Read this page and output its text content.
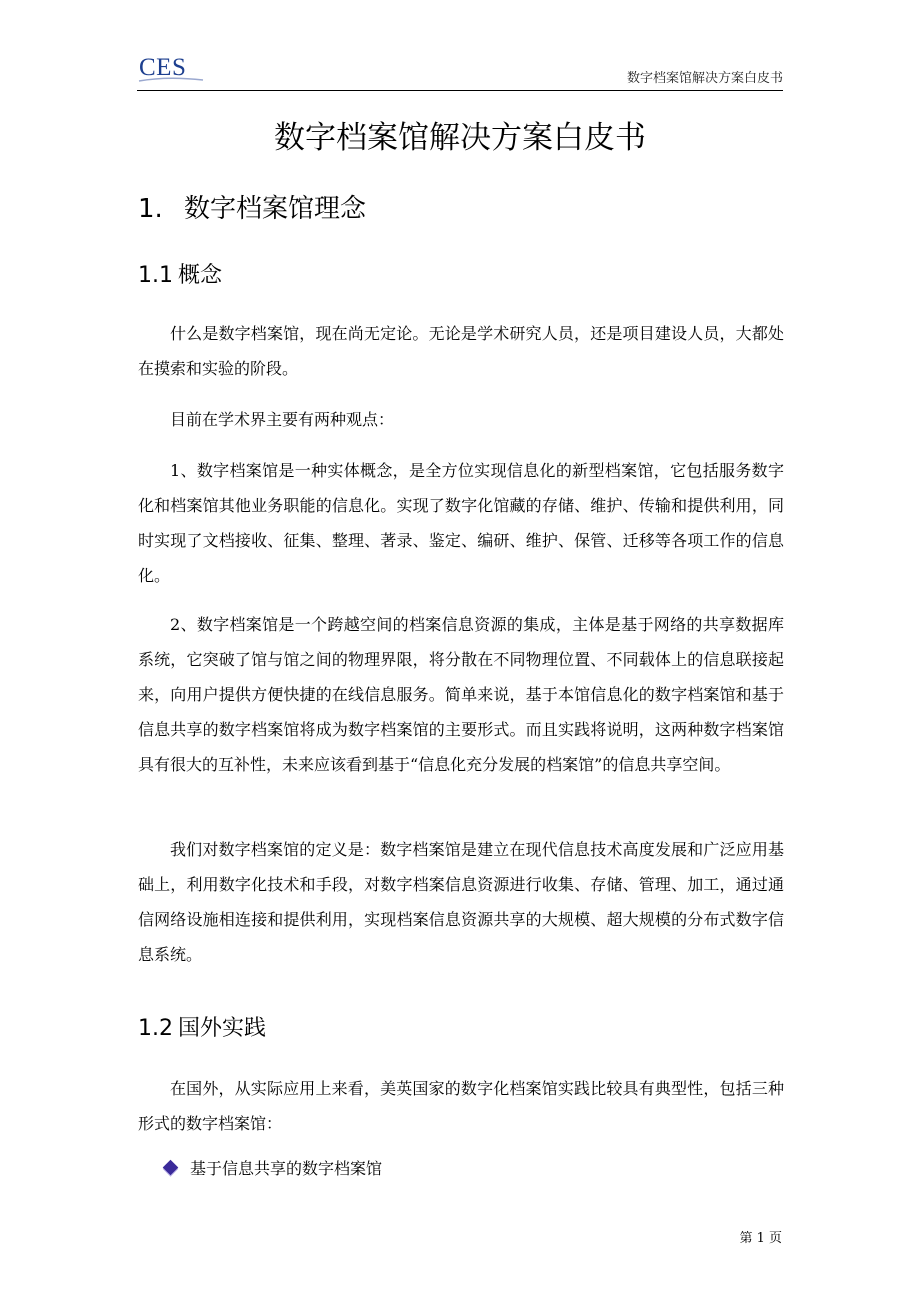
CES	数字档案馆解决方案白皮书
数字档案馆解决方案白皮书
1. 数字档案馆理念
1.1 概念

什么是数字档案馆，现在尚无定论。无论是学术研究人员，还是项目建设人员，大都处在摸索和实验的阶段。

目前在学术界主要有两种观点：

1、数字档案馆是一种实体概念，是全方位实现信息化的新型档案馆，它包括服务数字化和档案馆其他业务职能的信息化。实现了数字化馆藏的存储、维护、传输和提供利用，同时实现了文档接收、征集、整理、著录、鉴定、编研、维护、保管、迁移等各项工作的信息化。

2、数字档案馆是一个跨越空间的档案信息资源的集成，主体是基于网络的共享数据库系统，它突破了馆与馆之间的物理界限，将分散在不同物理位置、不同载体上的信息联接起来，向用户提供方便快捷的在线信息服务。简单来说，基于本馆信息化的数字档案馆和基于信息共享的数字档案馆将成为数字档案馆的主要形式。而且实践将说明，这两种数字档案馆具有很大的互补性，未来应该看到基于“信息化充分发展的档案馆”的信息共享空间。

我们对数字档案馆的定义是：数字档案馆是建立在现代信息技术高度发展和广泛应用基础上，利用数字化技术和手段，对数字档案信息资源进行收集、存储、管理、加工，通过通信网络设施相连接和提供利用，实现档案信息资源共享的大规模、超大规模的分布式数字信息系统。

1.2 国外实践

在国外，从实际应用上来看，美英国家的数字化档案馆实践比较具有典型性，包括三种形式的数字档案馆：

基于信息共享的数字档案馆
第 1 页
